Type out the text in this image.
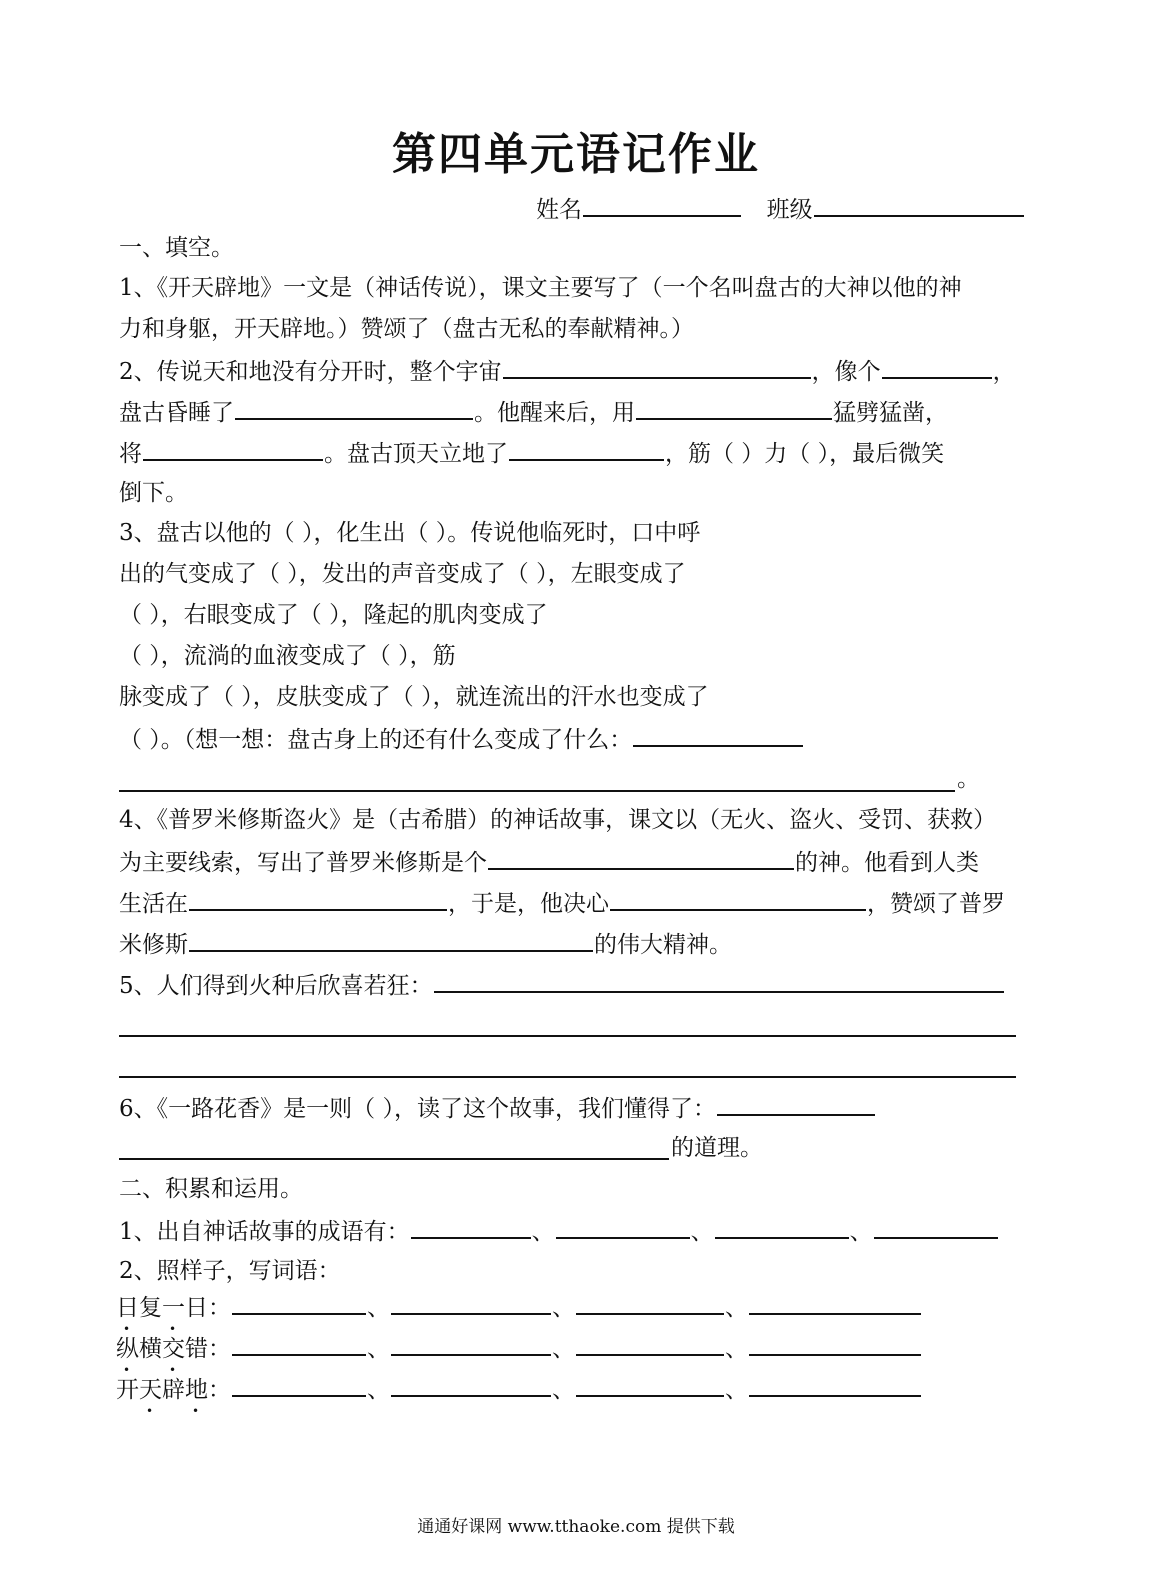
第四单元语记作业
姓名	班级
一、填空。
1、《开天辟地》一文是（神话传说），课文主要写了（一个名叫盘古的大神以他的神
力和身躯，开天辟地。）赞颂了（盘古无私的奉献精神。）
2、传说天和地没有分开时，整个宇宙	，像个	，
盘古昏睡了	。他醒来后，用	猛劈猛凿，
将	。盘古顶天立地了	，筋（ ）力（ ），最后微笑
倒下。
3、盘古以他的（ ），化生出（ ）。传说他临死时，口中呼
出的气变成了（ ），发出的声音变成了（ ），左眼变成了
（ ），右眼变成了（ ），隆起的肌肉变成了
（ ），流淌的血液变成了（ ），筋
脉变成了（ ），皮肤变成了（ ），就连流出的汗水也变成了
（ ）。（想一想：盘古身上的还有什么变成了什么：
。
4、《普罗米修斯盗火》是（古希腊）的神话故事，课文以（无火、盗火、受罚、获救）
为主要线索，写出了普罗米修斯是个	的神。他看到人类
生活在	，于是，他决心	，赞颂了普罗
米修斯	的伟大精神。
5、人们得到火种后欣喜若狂：
6、《一路花香》是一则（ ），读了这个故事，我们懂得了：
的道理。
二、积累和运用。
1、出自神话故事的成语有：	、	、	、
2、照样子，写词语：
日复一日：
•	•
、	、	、
纵横交错：
•	•
、	、	、
开天辟地：
•	•
、	、	、
通通好课网 www.tthaoke.com 提供下载
